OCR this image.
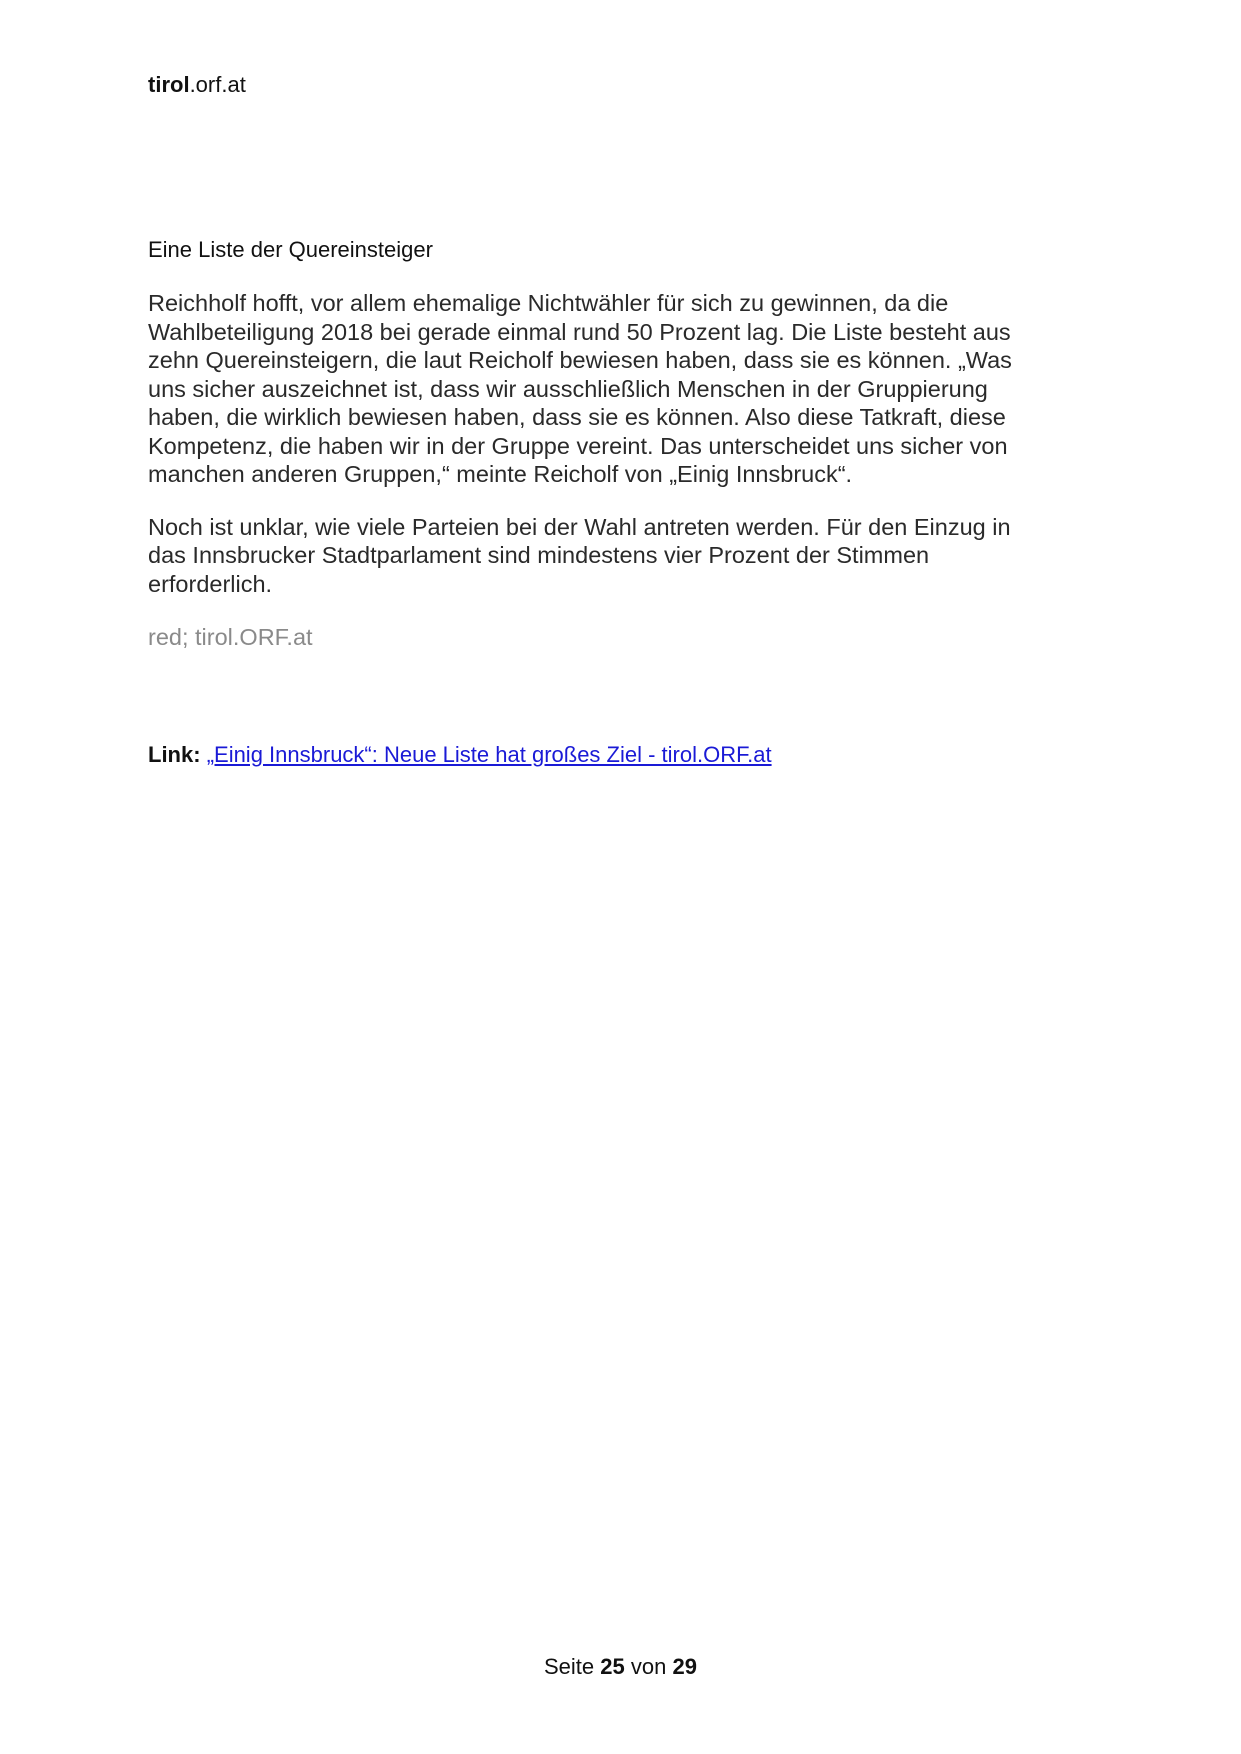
tirol.orf.at
Eine Liste der Quereinsteiger
Reichholf hofft, vor allem ehemalige Nichtwähler für sich zu gewinnen, da die
Wahlbeteiligung 2018 bei gerade einmal rund 50 Prozent lag. Die Liste besteht aus
zehn Quereinsteigern, die laut Reicholf bewiesen haben, dass sie es können. „Was
uns sicher auszeichnet ist, dass wir ausschließlich Menschen in der Gruppierung
haben, die wirklich bewiesen haben, dass sie es können. Also diese Tatkraft, diese
Kompetenz, die haben wir in der Gruppe vereint. Das unterscheidet uns sicher von
manchen anderen Gruppen,“ meinte Reicholf von „Einig Innsbruck“.
Noch ist unklar, wie viele Parteien bei der Wahl antreten werden. Für den Einzug in
das Innsbrucker Stadtparlament sind mindestens vier Prozent der Stimmen
erforderlich.
red; tirol.ORF.at
Link: „Einig Innsbruck“: Neue Liste hat großes Ziel - tirol.ORF.at
Seite 25 von 29
